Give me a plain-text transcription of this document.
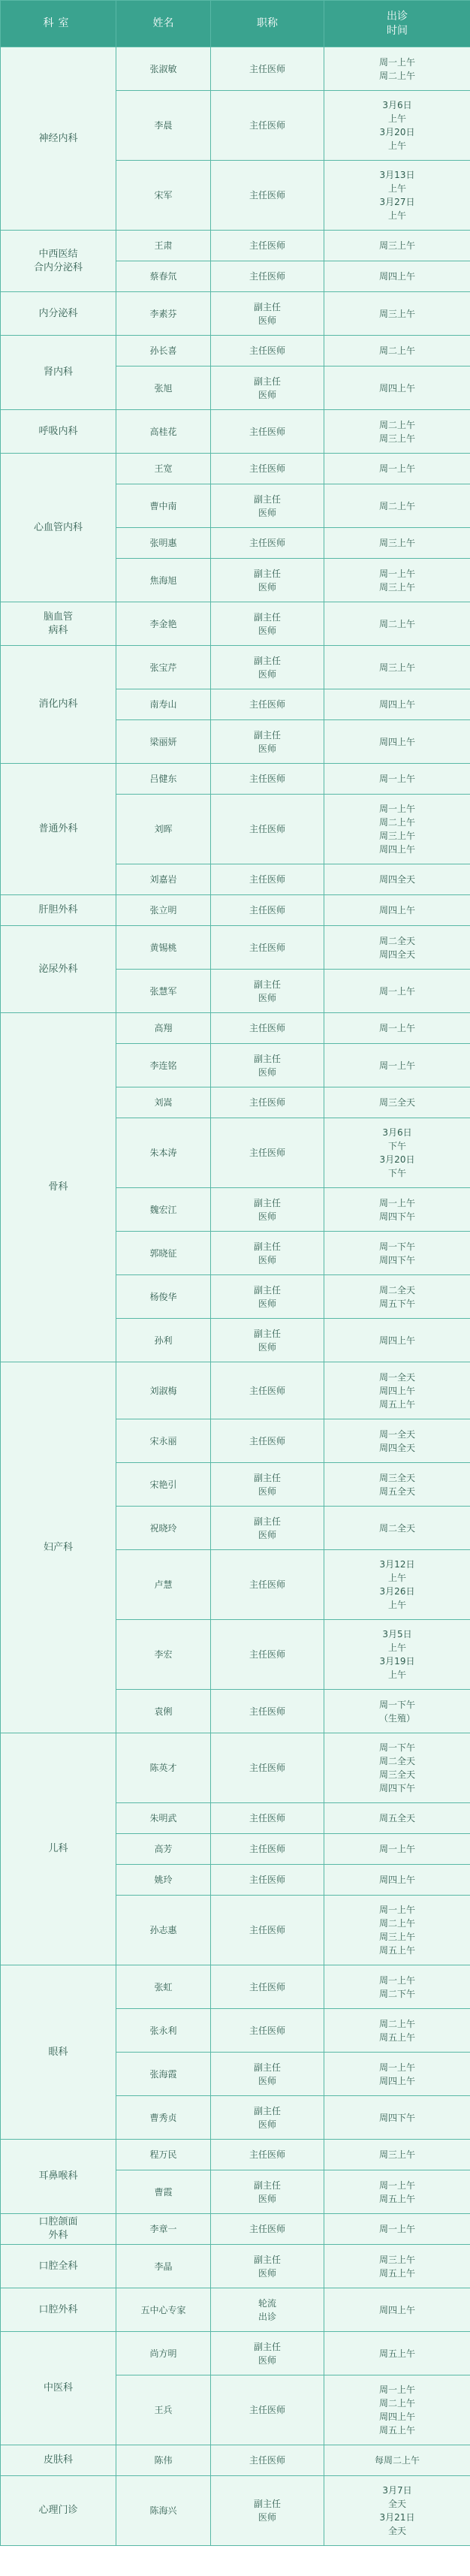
科室	姓名	职称	出诊
时间
神经内科	张淑敏	主任医师	周一上午
周二上午
	李晨	主任医师	3月6日
上午
3月20日
上午
	宋军	主任医师	3月13日
上午
3月27日
上午
中西医结
合内分泌科	王肃	主任医师	周三上午
	蔡春氘	主任医师	周四上午
内分泌科	李素芬	副主任
医师	周三上午
肾内科	孙长喜	主任医师	周二上午
	张旭	副主任
医师	周四上午
呼吸内科	高桂花	主任医师	周二上午
周三上午
心血管内科	王宽	主任医师	周一上午
	曹中南	副主任
医师	周二上午
	张明惠	主任医师	周三上午
	焦海旭	副主任
医师	周一上午
周三上午
脑血管
病科	李金艳	副主任
医师	周二上午
消化内科	张宝芹	副主任
医师	周三上午
	南寿山	主任医师	周四上午
	梁丽妍	副主任
医师	周四上午
普通外科	吕健东	主任医师	周一上午
	刘晖	主任医师	周一上午
周二上午
周三上午
周四上午
	刘嘉岩	主任医师	周四全天
肝胆外科	张立明	主任医师	周四上午
泌尿外科	黄锡桃	主任医师	周二全天
周四全天
	张慧军	副主任
医师	周一上午
骨科	高翔	主任医师	周一上午
	李连铭	副主任
医师	周一上午
	刘嵩	主任医师	周三全天
	朱本涛	主任医师	3月6日
下午
3月20日
下午
	魏宏江	副主任
医师	周一上午
周四下午
	郭晓征	副主任
医师	周一下午
周四下午
	杨俊华	副主任
医师	周二全天
周五下午
	孙利	副主任
医师	周四上午
妇产科	刘淑梅	主任医师	周一全天
周四上午
周五上午
	宋永丽	主任医师	周一全天
周四全天
	宋艳引	副主任
医师	周三全天
周五全天
	祝晓玲	副主任
医师	周二全天
	卢慧	主任医师	3月12日
上午
3月26日
上午
	李宏	主任医师	3月5日
上午
3月19日
上午
	袁俐	主任医师	周一下午
（生殖）
儿科	陈英才	主任医师	周一下午
周二全天
周三全天
周四下午
	朱明武	主任医师	周五全天
	高芳	主任医师	周一上午
	姚玲	主任医师	周四上午
	孙志惠	主任医师	周一上午
周二上午
周三上午
周五上午
眼科	张虹	主任医师	周一上午
周二下午
	张永利	主任医师	周二上午
周五上午
	张海霞	副主任
医师	周一上午
周四上午
	曹秀贞	副主任
医师	周四下午
耳鼻喉科	程万民	主任医师	周三上午
	曹霞	副主任
医师	周一上午
周五上午
口腔颌面
外科	李章一	主任医师	周一上午
口腔全科	李晶	副主任
医师	周三上午
周五上午
口腔外科	五中心专家	轮流
出诊	周四上午
中医科	尚方明	副主任
医师	周五上午
	王兵	主任医师	周一上午
周二上午
周四上午
周五上午
皮肤科	陈伟	主任医师	每周二上午
心理门诊	陈海兴	副主任
医师	3月7日
全天
3月21日
全天
